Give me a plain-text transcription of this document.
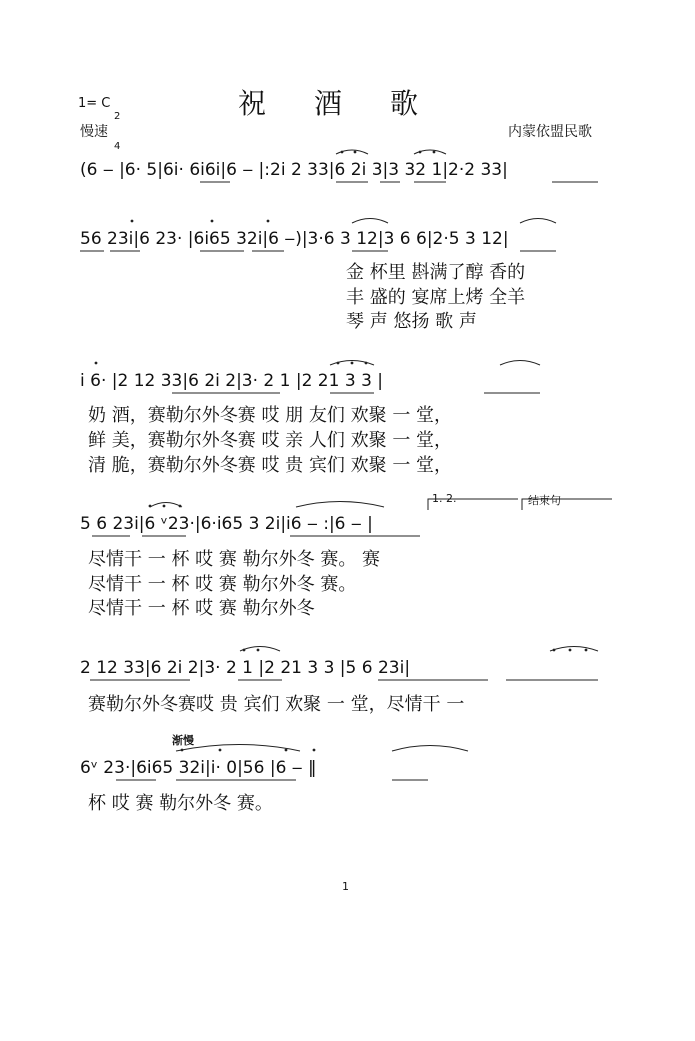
1= C

2

4

祝酒歌
慢速	内蒙依盟民歌
(6 ‒ |6· 5|6i· 6i6i|6 ‒ |:2i 2 33|6 2i 3|3 32 1|2·2 33|
56 23i|6 23· |6i65 32i|6 ‒)|3·6 3 12|3 6 6|2·5 3 12|
i 6· |2 12 33|6 2i 2|3· 2 1 |2 21 3 3 |
5 6 23i|6 ᵛ23·|6·i65 3 2i|i6 ‒ :|6 ‒ |
2 12 33|6 2i 2|3· 2 1 |2 21 3 3 |5 6 23i|
6ᵛ 23·|6i65 32i|i· 0|56 |6 ‒ ‖
1. 2.	结束句
渐慢
金 杯里 斟满了醇 香的
丰 盛的 宴席上烤 全羊
琴 声 悠扬 歌 声
奶 酒，赛勒尔外冬赛 哎 朋 友们 欢聚 一 堂，
鲜 美，赛勒尔外冬赛 哎 亲 人们 欢聚 一 堂，
清 脆，赛勒尔外冬赛 哎 贵 宾们 欢聚 一 堂，
尽情干 一 杯 哎 赛 勒尔外冬 赛。 赛
尽情干 一 杯 哎 赛 勒尔外冬 赛。
尽情干 一 杯 哎 赛 勒尔外冬
赛勒尔外冬赛哎 贵 宾们 欢聚 一 堂，尽情干 一
杯 哎 赛 勒尔外冬 赛。
1
